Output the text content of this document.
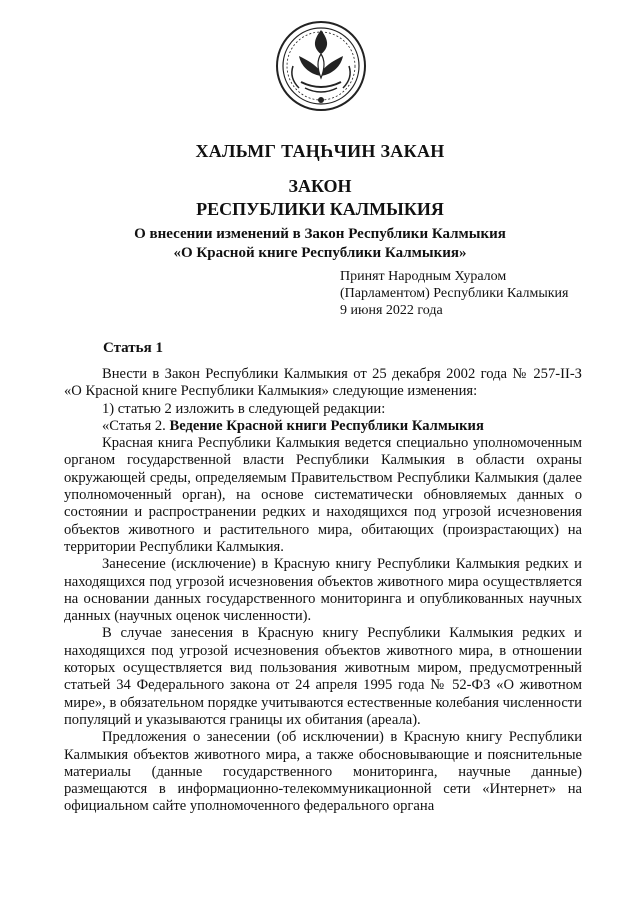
ХАЛЬМГ ТАҢҺЧИН ЗАКАН

ЗАКОН

РЕСПУБЛИКИ КАЛМЫКИЯ

О внесении изменений в Закон Республики Калмыкия

«О Красной книге Республики Калмыкия»

Принят Народным Хуралом
(Парламентом) Республики Калмыкия
9 июня 2022 года
Статья 1

Внести в Закон Республики Калмыкия от 25 декабря 2002 года № 257-II-З «О Красной книге Республики Калмыкия» следующие изменения:

1) статью 2 изложить в следующей редакции:

«Статья 2. Ведение Красной книги Республики Калмыкия

Красная книга Республики Калмыкия ведется специально уполномоченным органом государственной власти Республики Калмыкия в области охраны окружающей среды, определяемым Правительством Республики Калмыкия (далее уполномоченный орган), на основе систематически обновляемых данных о состоянии и распространении редких и находящихся под угрозой исчезновения объектов животного и растительного мира, обитающих (произрастающих) на территории Республики Калмыкия.

Занесение (исключение) в Красную книгу Республики Калмыкия редких и находящихся под угрозой исчезновения объектов животного мира осуществляется на основании данных государственного мониторинга и опубликованных научных данных (научных оценок численности).

В случае занесения в Красную книгу Республики Калмыкия редких и находящихся под угрозой исчезновения объектов животного мира, в отношении которых осуществляется вид пользования животным миром, предусмотренный статьей 34 Федерального закона от 24 апреля 1995 года № 52-ФЗ «О животном мире», в обязательном порядке учитываются естественные колебания численности популяций и указываются границы их обитания (ареала).

Предложения о занесении (об исключении) в Красную книгу Республики Калмыкия объектов животного мира, а также обосновывающие и пояснительные материалы (данные государственного мониторинга, научные данные) размещаются в информационно-телекоммуникационной сети «Интернет» на официальном сайте уполномоченного федерального органа
